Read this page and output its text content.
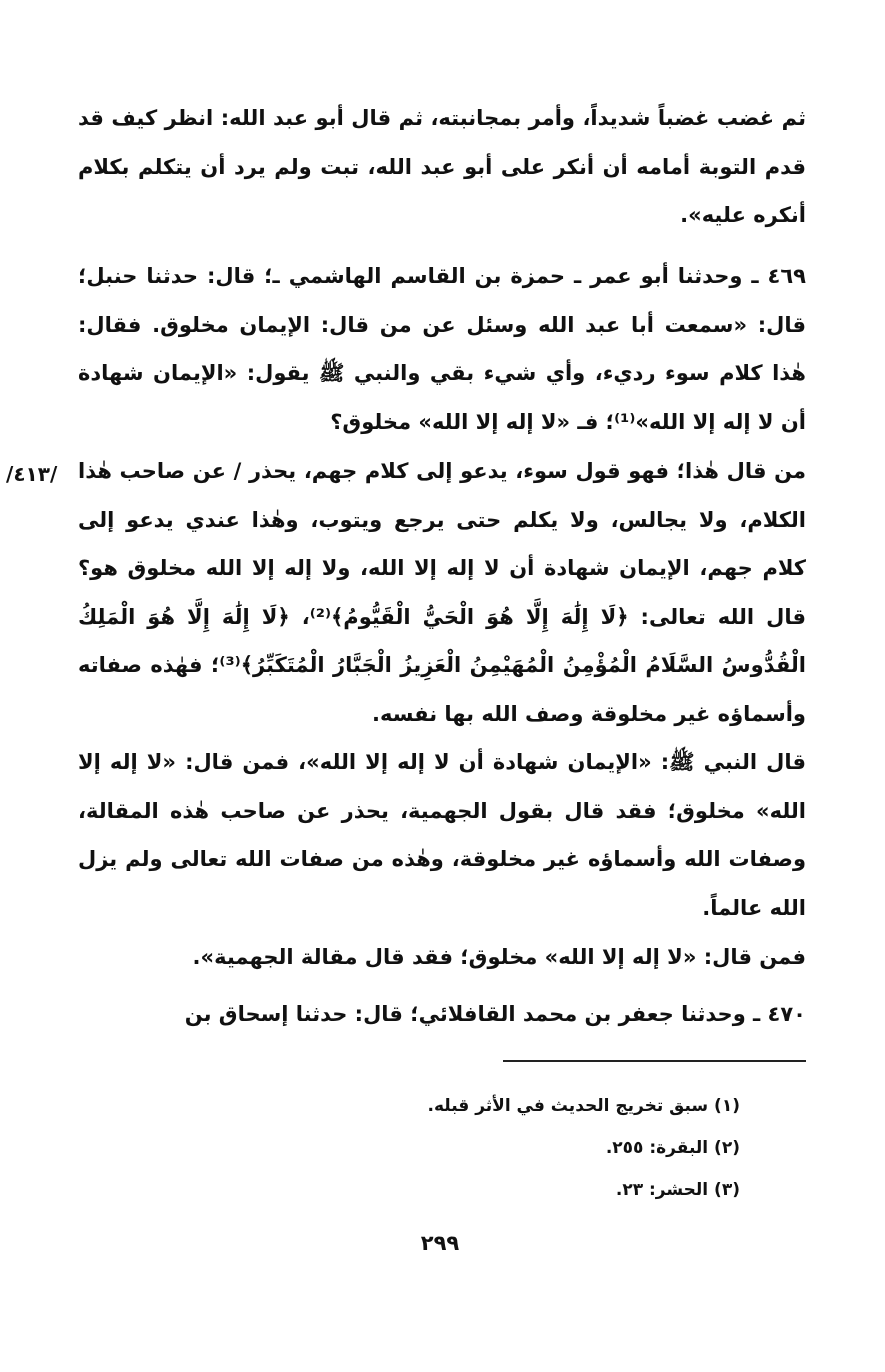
ثم غضب غضباً شديداً، وأمر بمجانبته، ثم قال أبو عبد الله: انظر كيف قد قدم التوبة أمامه أن أنكر على أبو عبد الله، تبت ولم يرد أن يتكلم بكلام أنكره عليه».

٤٦٩ ـ وحدثنا أبو عمر ـ حمزة بن القاسم الهاشمي ـ؛ قال: حدثنا حنبل؛ قال: «سمعت أبا عبد الله وسئل عن من قال: الإيمان مخلوق. فقال: هٰذا كلام سوء رديء، وأي شيء بقي والنبي ﷺ يقول: «الإيمان شهادة أن لا إله إلا الله»⁽¹⁾؛ فـ «لا إله إلا الله» مخلوق؟

من قال هٰذا؛ فهو قول سوء، يدعو إلى كلام جهم، يحذر / عن صاحب هٰذا الكلام، ولا يجالس، ولا يكلم حتى يرجع ويتوب، وهٰذا عندي يدعو إلى كلام جهم، الإيمان شهادة أن لا إله إلا الله، ولا إله إلا الله مخلوق هو؟ قال الله تعالى: ﴿لَا إِلَٰهَ إِلَّا هُوَ الْحَيُّ الْقَيُّومُ﴾⁽²⁾، ﴿لَا إِلَٰهَ إِلَّا هُوَ الْمَلِكُ الْقُدُّوسُ السَّلَامُ الْمُؤْمِنُ الْمُهَيْمِنُ الْعَزِيزُ الْجَبَّارُ الْمُتَكَبِّرُ﴾⁽³⁾؛ فهٰذه صفاته وأسماؤه غير مخلوقة وصف الله بها نفسه.

/٤١٣/

قال النبي ﷺ: «الإيمان شهادة أن لا إله إلا الله»، فمن قال: «لا إله إلا الله» مخلوق؛ فقد قال بقول الجهمية، يحذر عن صاحب هٰذه المقالة، وصفات الله وأسماؤه غير مخلوقة، وهٰذه من صفات الله تعالى ولم يزل الله عالماً.

فمن قال: «لا إله إلا الله» مخلوق؛ فقد قال مقالة الجهمية».

٤٧٠ ـ وحدثنا جعفر بن محمد القافلائي؛ قال: حدثنا إسحاق بن

(١) سبق تخريج الحديث في الأثر قبله.
(٢) البقرة: ٢٥٥.
(٣) الحشر: ٢٣.
٢٩٩
